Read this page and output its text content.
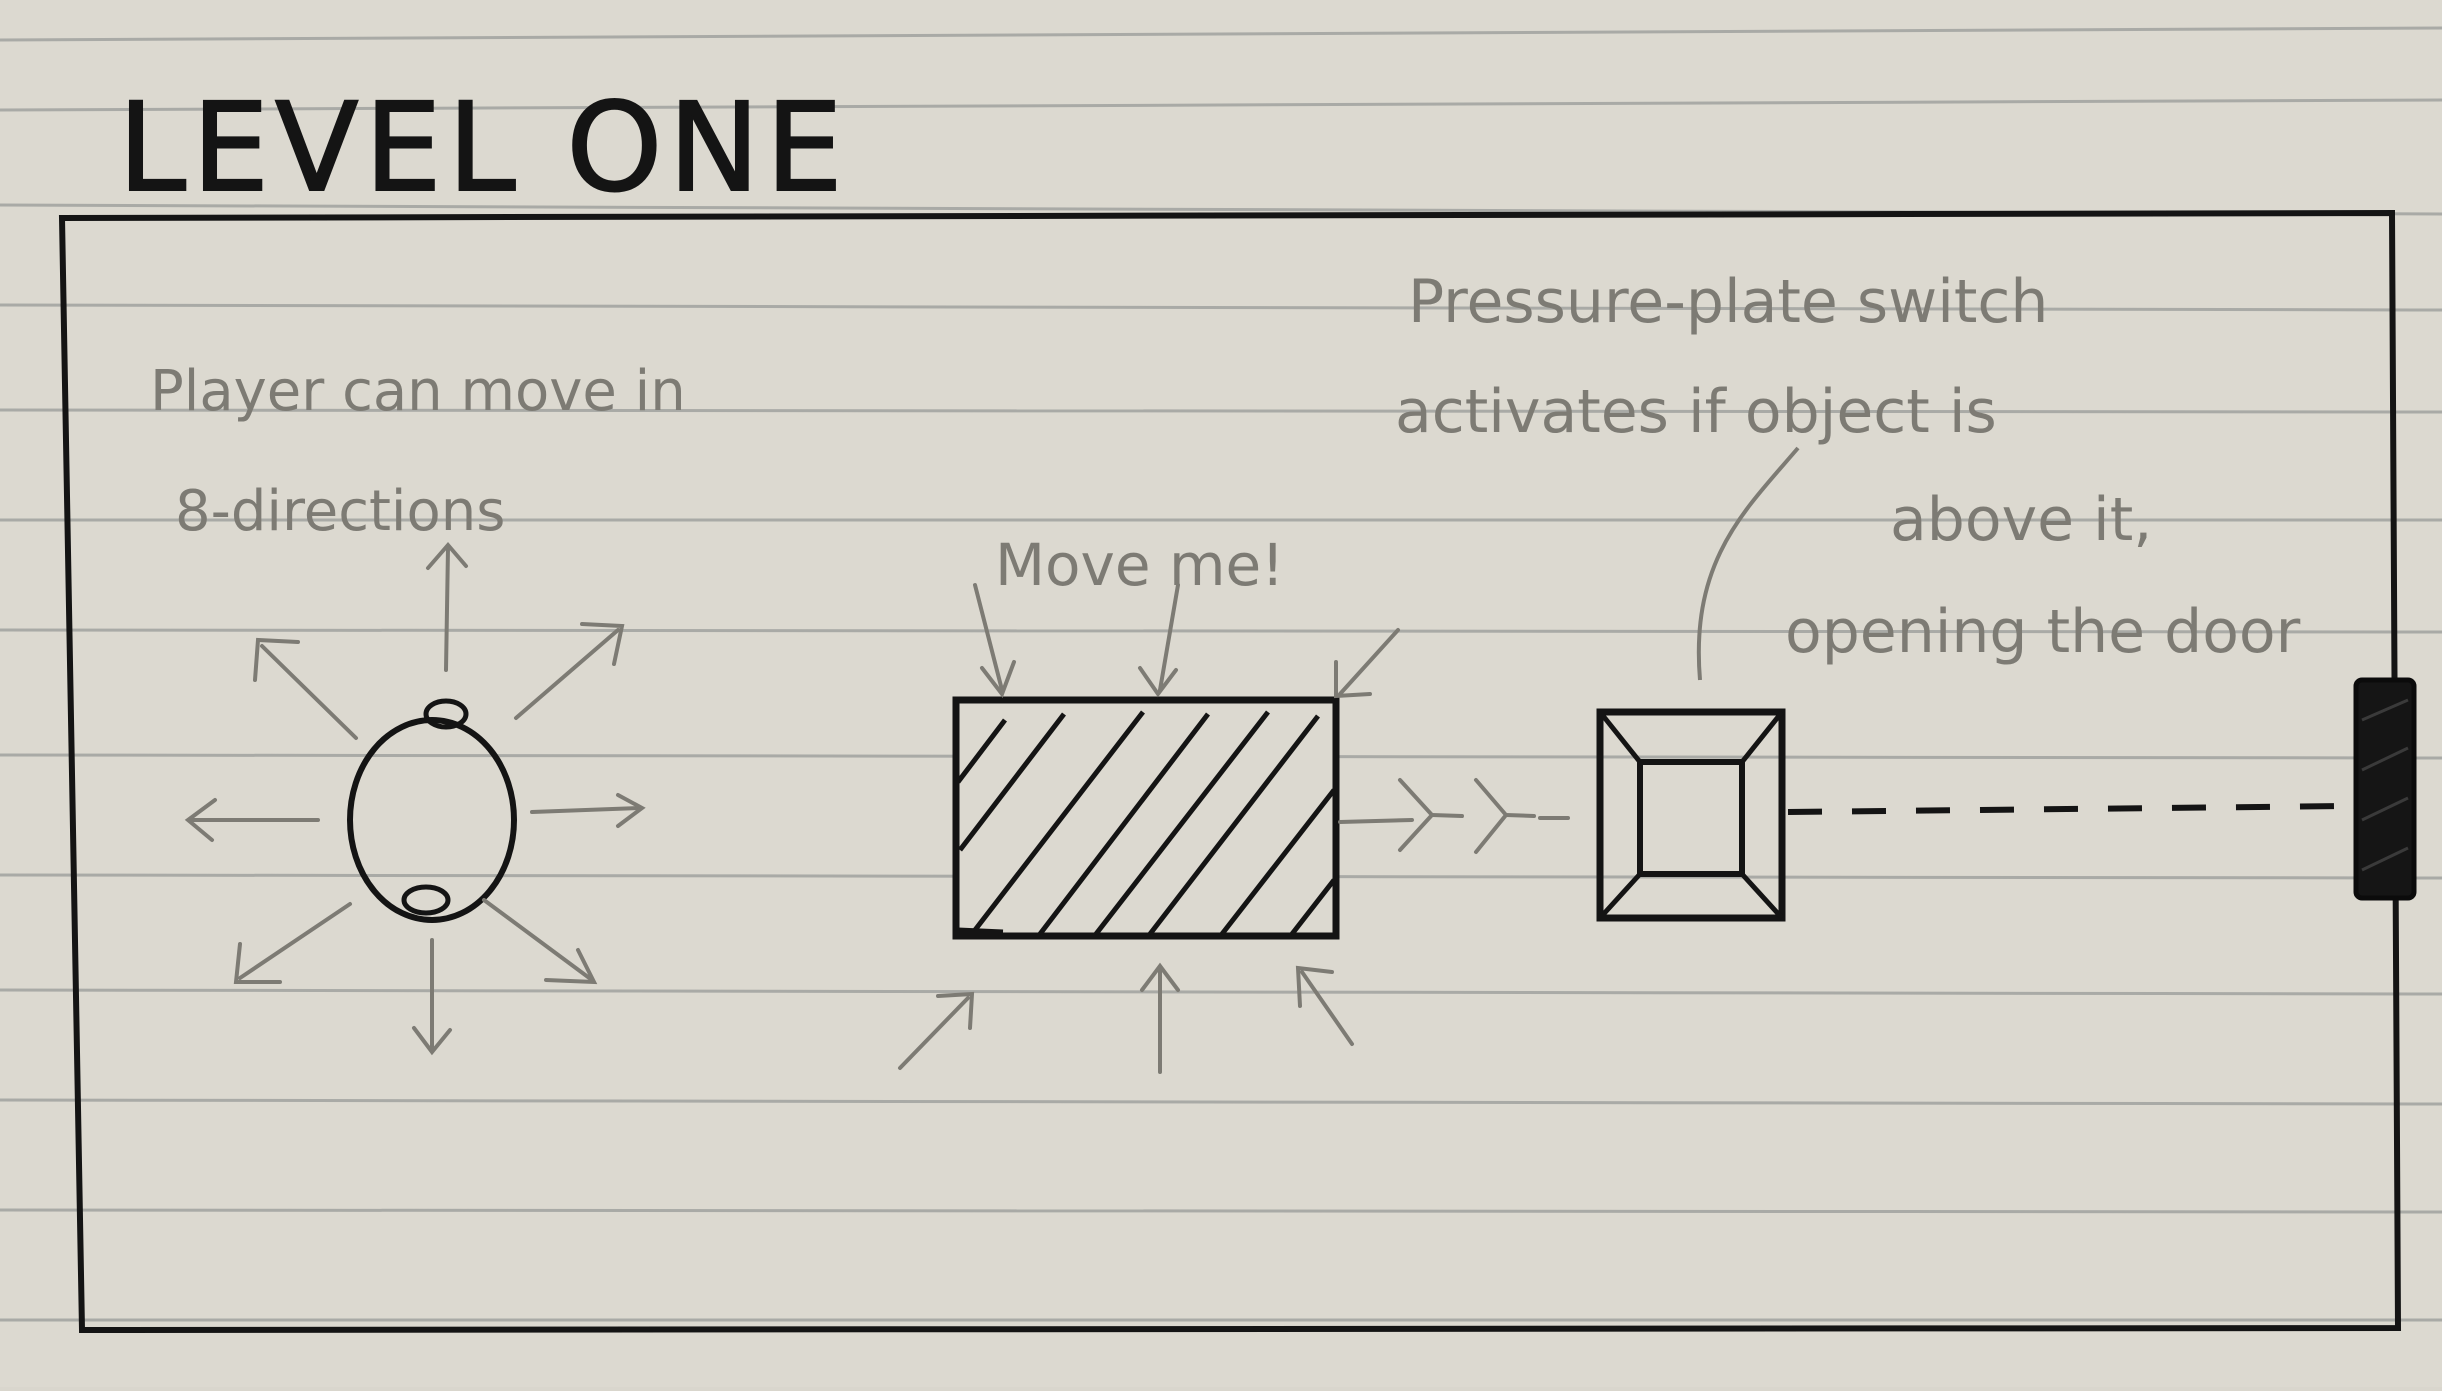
LEVEL ONE
Player can move in
8-directions
Move me!
Pressure-plate switch
activates if object is
above it,
opening the door
